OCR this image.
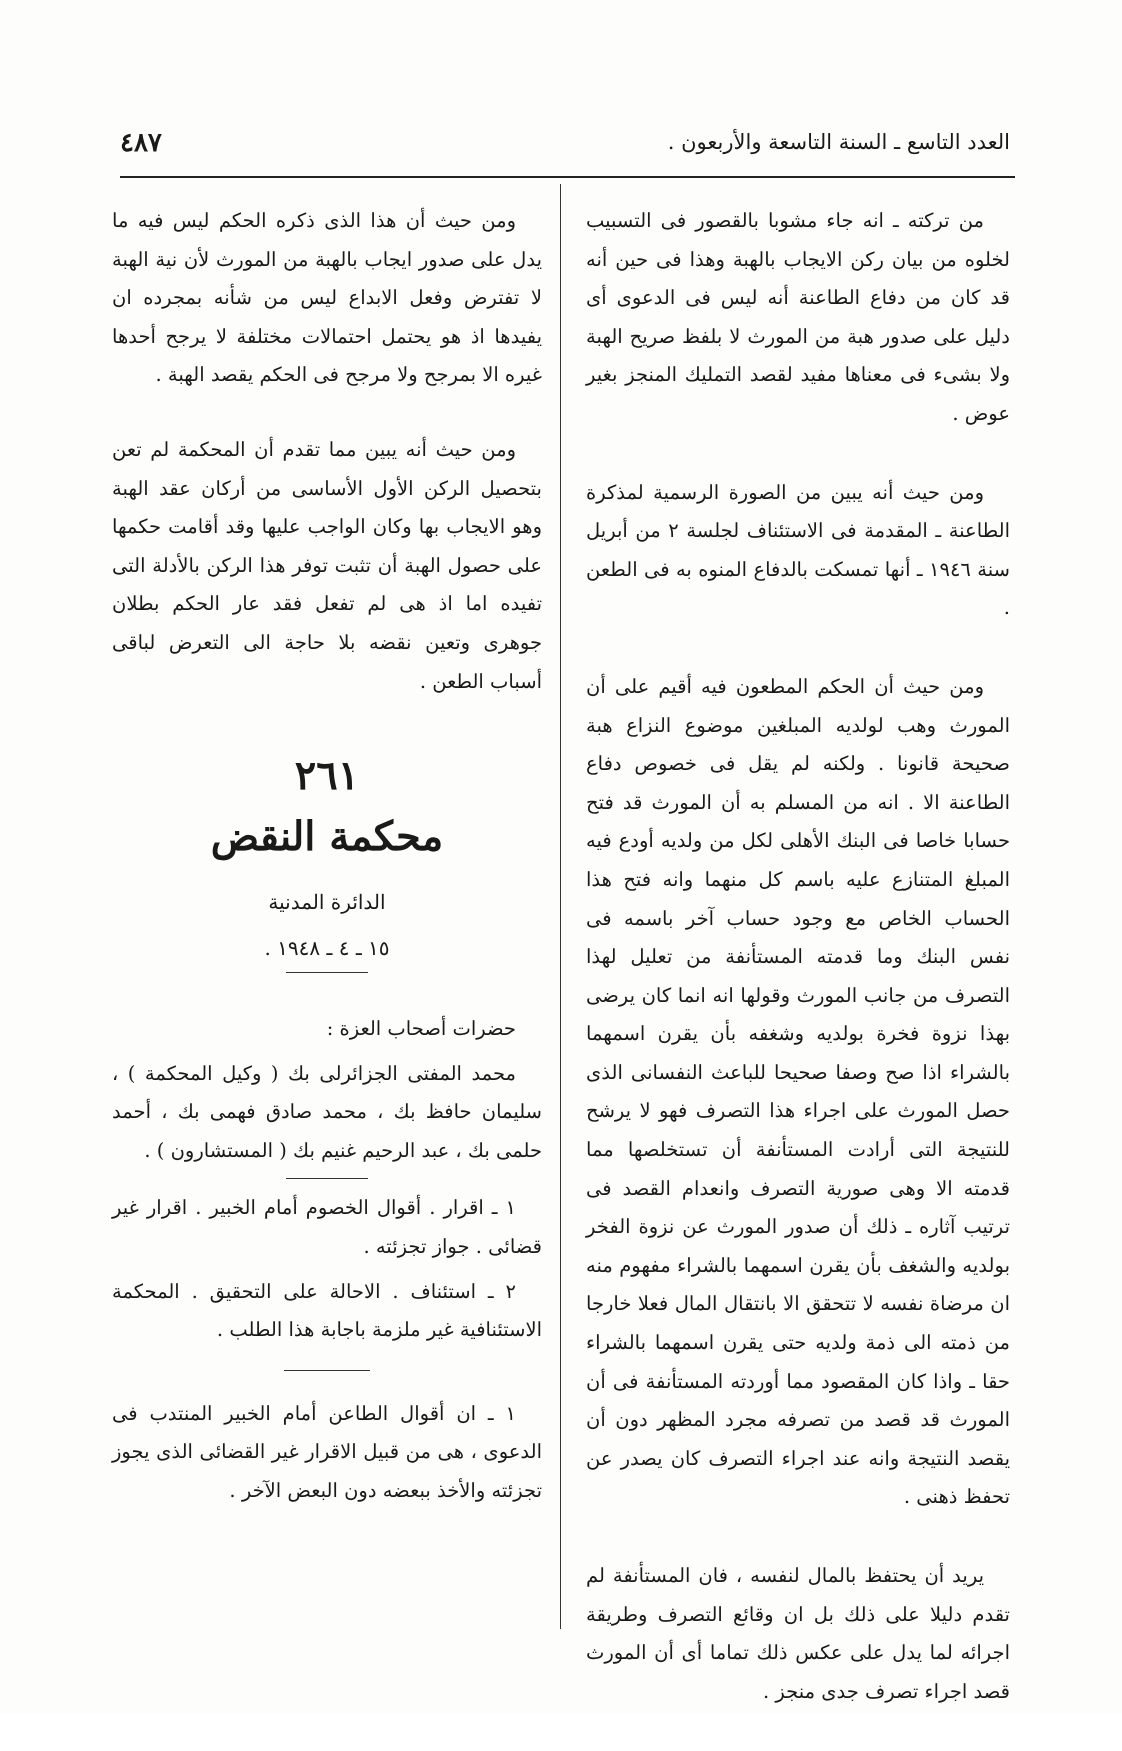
العدد التاسع ـ السنة التاسعة والأربعون .
٤٨٧

من تركته ـ انه جاء مشوبا بالقصور فى التسبيب لخلوه من بيان ركن الايجاب بالهبة وهذا فى حين أنه قد كان من دفاع الطاعنة أنه ليس فى الدعوى أى دليل على صدور هبة من المورث لا بلفظ صريح الهبة ولا بشىء فى معناها مفيد لقصد التمليك المنجز بغير عوض .

ومن حيث أنه يبين من الصورة الرسمية لمذكرة الطاعنة ـ المقدمة فى الاستئناف لجلسة ٢ من أبريل سنة ١٩٤٦ ـ أنها تمسكت بالدفاع المنوه به فى الطعن .

ومن حيث أن الحكم المطعون فيه أقيم على أن المورث وهب لولديه المبلغين موضوع النزاع هبة صحيحة قانونا . ولكنه لم يقل فى خصوص دفاع الطاعنة الا . انه من المسلم به أن المورث قد فتح حسابا خاصا فى البنك الأهلى لكل من ولديه أودع فيه المبلغ المتنازع عليه باسم كل منهما وانه فتح هذا الحساب الخاص مع وجود حساب آخر باسمه فى نفس البنك وما قدمته المستأنفة من تعليل لهذا التصرف من جانب المورث وقولها انه انما كان يرضى بهذا نزوة فخرة بولديه وشغفه بأن يقرن اسمهما بالشراء اذا صح وصفا صحيحا للباعث النفسانى الذى حصل المورث على اجراء هذا التصرف فهو لا يرشح للنتيجة التى أرادت المستأنفة أن تستخلصها مما قدمته الا وهى صورية التصرف وانعدام القصد فى ترتيب آثاره ـ ذلك أن صدور المورث عن نزوة الفخر بولديه والشغف بأن يقرن اسمهما بالشراء مفهوم منه ان مرضاة نفسه لا تتحقق الا بانتقال المال فعلا خارجا من ذمته الى ذمة ولديه حتى يقرن اسمهما بالشراء حقا ـ واذا كان المقصود مما أوردته المستأنفة فى أن المورث قد قصد من تصرفه مجرد المظهر دون أن يقصد النتيجة وانه عند اجراء التصرف كان يصدر عن تحفظ ذهنى .

يريد أن يحتفظ بالمال لنفسه ، فان المستأنفة لم تقدم دليلا على ذلك بل ان وقائع التصرف وطريقة اجرائه لما يدل على عكس ذلك تماما أى أن المورث قصد اجراء تصرف جدى منجز .

ومن حيث أن هذا الذى ذكره الحكم ليس فيه ما يدل على صدور ايجاب بالهبة من المورث لأن نية الهبة لا تفترض وفعل الابداع ليس من شأنه بمجرده ان يفيدها اذ هو يحتمل احتمالات مختلفة لا يرجح أحدها غيره الا بمرجح ولا مرجح فى الحكم يقصد الهبة .

ومن حيث أنه يبين مما تقدم أن المحكمة لم تعن بتحصيل الركن الأول الأساسى من أركان عقد الهبة وهو الايجاب بها وكان الواجب عليها وقد أقامت حكمها على حصول الهبة أن تثبت توفر هذا الركن بالأدلة التى تفيده اما اذ هى لم تفعل فقد عار الحكم بطلان جوهرى وتعين نقضه بلا حاجة الى التعرض لباقى أسباب الطعن .

٢٦١
محكمة النقض
الدائرة المدنية
١٥ ـ ٤ ـ ١٩٤٨ .

حضرات أصحاب العزة :

محمد المفتى الجزائرلى بك ( وكيل المحكمة ) ، سليمان حافظ بك ، محمد صادق فهمى بك ، أحمد حلمى بك ، عبد الرحيم غنيم بك ( المستشارون ) .

١ ـ اقرار . أقوال الخصوم أمام الخبير . اقرار غير قضائى . جواز تجزئته .

٢ ـ استئناف . الاحالة على التحقيق . المحكمة الاستئنافية غير ملزمة باجابة هذا الطلب .

١ ـ ان أقوال الطاعن أمام الخبير المنتدب فى الدعوى ، هى من قبيل الاقرار غير القضائى الذى يجوز تجزئته والأخذ ببعضه دون البعض الآخر .
